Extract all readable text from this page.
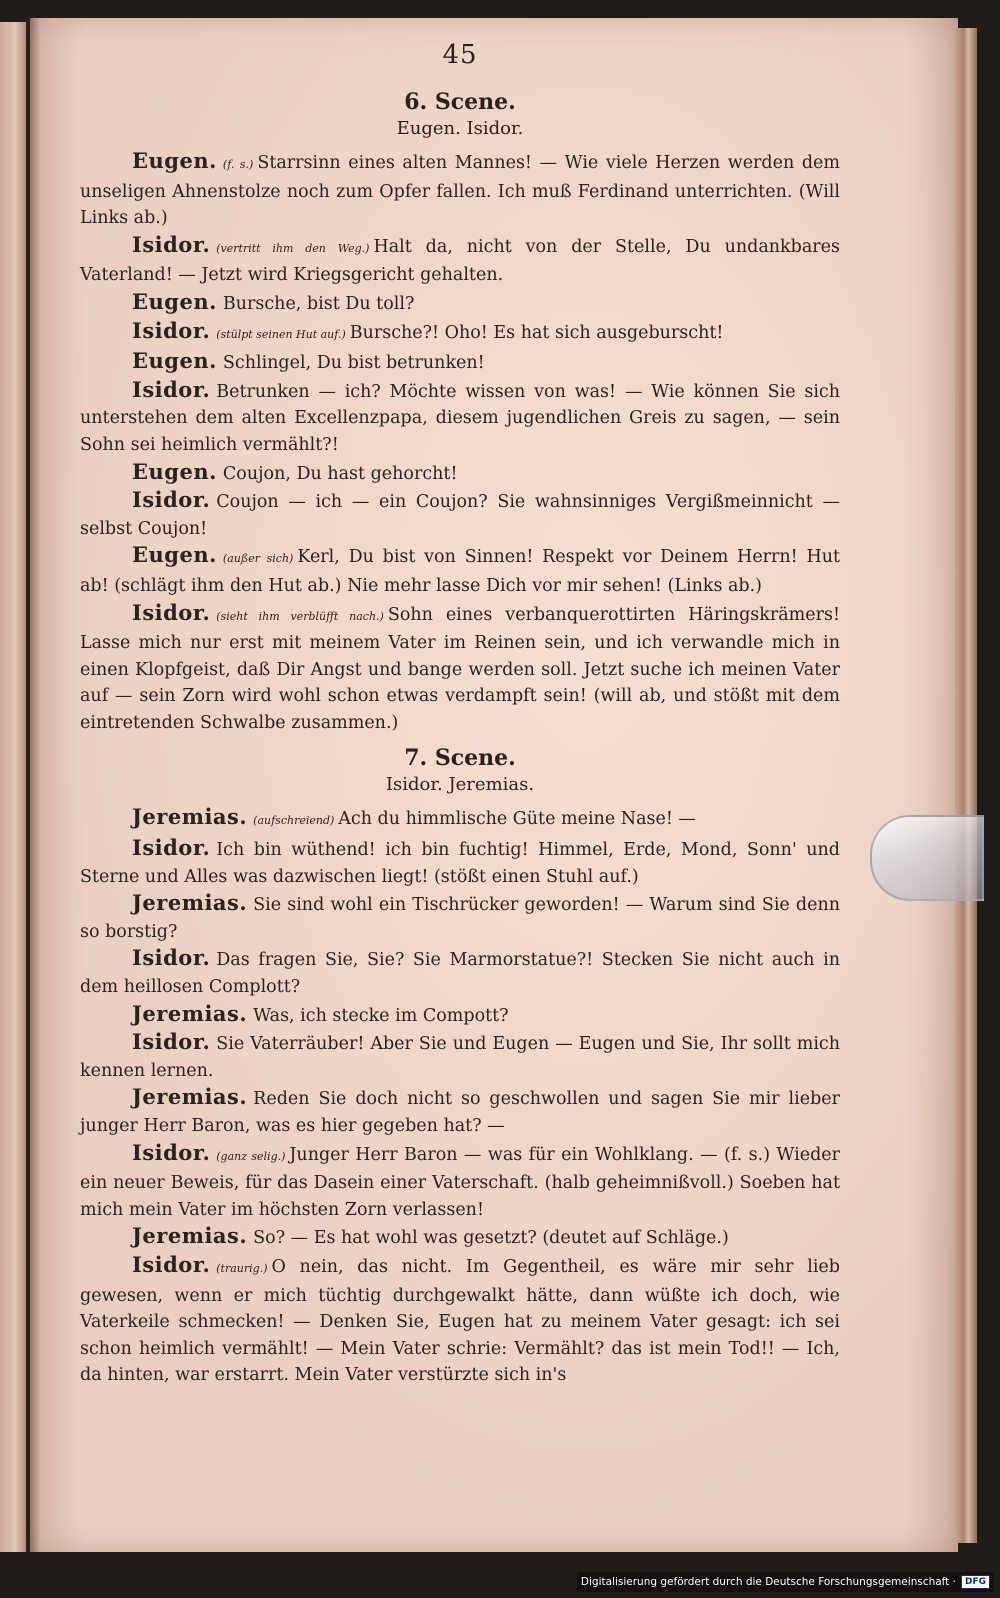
45
6. Scene.
Eugen. Isidor.

Eugen. (f. s.) Starrsinn eines alten Mannes! — Wie viele Herzen werden dem unseligen Ahnenstolze noch zum Opfer fallen. Ich muß Ferdinand unterrichten. (Will Links ab.)

Isidor. (vertritt ihm den Weg.) Halt da, nicht von der Stelle, Du undankbares Vaterland! — Jetzt wird Kriegsgericht gehalten.

Eugen. Bursche, bist Du toll?

Isidor. (stülpt seinen Hut auf.) Bursche?! Oho! Es hat sich ausgeburscht!

Eugen. Schlingel, Du bist betrunken!

Isidor. Betrunken — ich? Möchte wissen von was! — Wie können Sie sich unterstehen dem alten Excellenzpapa, diesem jugendlichen Greis zu sagen, — sein Sohn sei heimlich vermählt?!

Eugen. Coujon, Du hast gehorcht!

Isidor. Coujon — ich — ein Coujon? Sie wahnsinniges Vergißmeinnicht — selbst Coujon!

Eugen. (außer sich) Kerl, Du bist von Sinnen! Respekt vor Deinem Herrn! Hut ab! (schlägt ihm den Hut ab.) Nie mehr lasse Dich vor mir sehen! (Links ab.)

Isidor. (sieht ihm verblüfft nach.) Sohn eines verbanquerottirten Häringskrämers! Lasse mich nur erst mit meinem Vater im Reinen sein, und ich verwandle mich in einen Klopfgeist, daß Dir Angst und bange werden soll. Jetzt suche ich meinen Vater auf — sein Zorn wird wohl schon etwas verdampft sein! (will ab, und stößt mit dem eintretenden Schwalbe zusammen.)

7. Scene.
Isidor. Jeremias.

Jeremias. (aufschreiend) Ach du himmlische Güte meine Nase! —

Isidor. Ich bin wüthend! ich bin fuchtig! Himmel, Erde, Mond, Sonn' und Sterne und Alles was dazwischen liegt! (stößt einen Stuhl auf.)

Jeremias. Sie sind wohl ein Tischrücker geworden! — Warum sind Sie denn so borstig?

Isidor. Das fragen Sie, Sie? Sie Marmorstatue?! Stecken Sie nicht auch in dem heillosen Complott?

Jeremias. Was, ich stecke im Compott?

Isidor. Sie Vaterräuber! Aber Sie und Eugen — Eugen und Sie, Ihr sollt mich kennen lernen.

Jeremias. Reden Sie doch nicht so geschwollen und sagen Sie mir lieber junger Herr Baron, was es hier gegeben hat? —

Isidor. (ganz selig.) Junger Herr Baron — was für ein Wohlklang. — (f. s.) Wieder ein neuer Beweis, für das Dasein einer Vaterschaft. (halb geheimnißvoll.) Soeben hat mich mein Vater im höchsten Zorn verlassen!

Jeremias. So? — Es hat wohl was gesetzt? (deutet auf Schläge.)

Isidor. (traurig.) O nein, das nicht. Im Gegentheil, es wäre mir sehr lieb gewesen, wenn er mich tüchtig durchgewalkt hätte, dann wüßte ich doch, wie Vaterkeile schmecken! — Denken Sie, Eugen hat zu meinem Vater gesagt: ich sei schon heimlich vermählt! — Mein Vater schrie: Vermählt? das ist mein Tod!! — Ich, da hinten, war erstarrt. Mein Vater verstürzte sich in's

Digitalisierung gefördert durch die Deutsche Forschungsgemeinschaft ·	DFG
